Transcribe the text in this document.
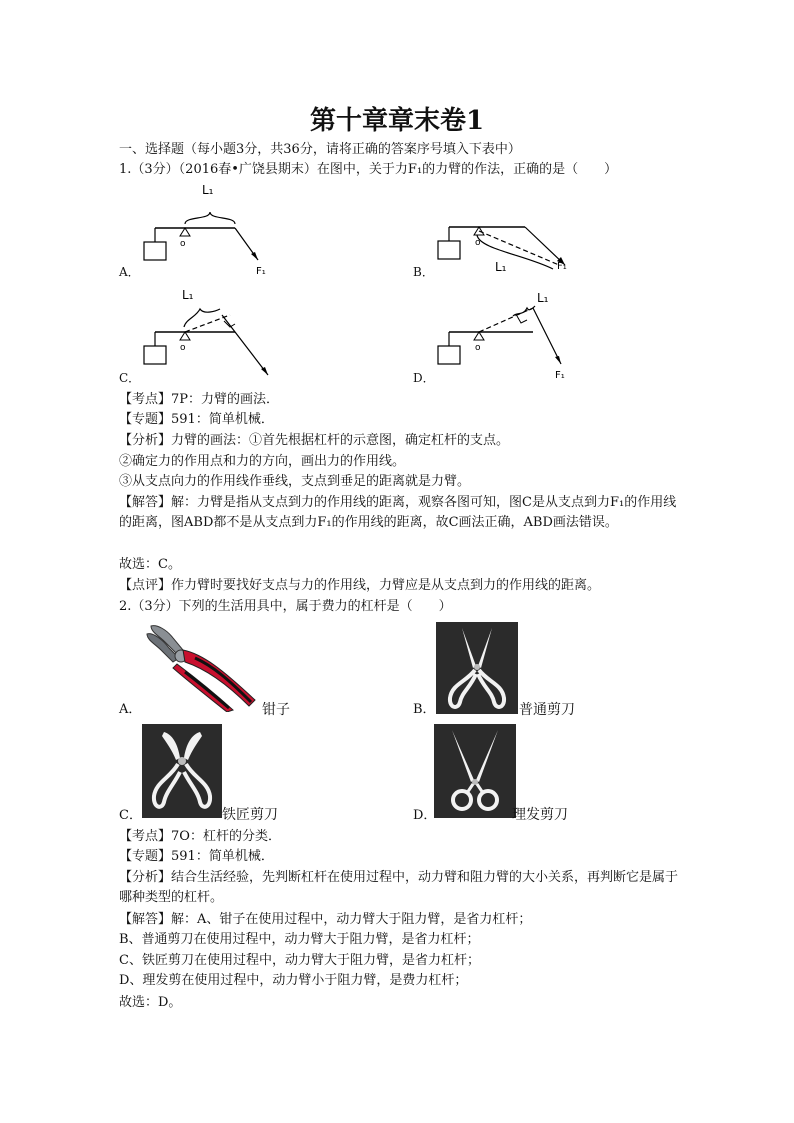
第十章章末卷1
一、选择题（每小题3分，共36分，请将正确的答案序号填入下表中）
1.（3分）（2016春•广饶县期末）在图中，关于力F₁的力臂的作法，正确的是（　　）
o
L₁
F₁
A．
o
L₁	F₁
B．
o
L₁
C．
o
L₁
F₁
D．
【考点】7P：力臂的画法．
【专题】591：简单机械．
【分析】力臂的画法：①首先根据杠杆的示意图，确定杠杆的支点。
②确定力的作用点和力的方向，画出力的作用线。
③从支点向力的作用线作垂线，支点到垂足的距离就是力臂。
【解答】解：力臂是指从支点到力的作用线的距离，观察各图可知，图C是从支点到力F₁的作用线的距离，图ABD都不是从支点到力F₁的作用线的距离，故C画法正确，ABD画法错误。
故选：C。
【点评】作力臂时要找好支点与力的作用线，力臂应是从支点到力的作用线的距离。
2.（3分）下列的生活用具中，属于费力的杠杆是（　　）
A．	钳子	B．	普通剪刀
C．	铁匠剪刀	D．	理发剪刀
【考点】7O：杠杆的分类．
【专题】591：简单机械．
【分析】结合生活经验，先判断杠杆在使用过程中，动力臂和阻力臂的大小关系，再判断它是属于哪种类型的杠杆。
【解答】解：A、钳子在使用过程中，动力臂大于阻力臂，是省力杠杆；
B、普通剪刀在使用过程中，动力臂大于阻力臂，是省力杠杆；
C、铁匠剪刀在使用过程中，动力臂大于阻力臂，是省力杠杆；
D、理发剪在使用过程中，动力臂小于阻力臂，是费力杠杆；
故选：D。
